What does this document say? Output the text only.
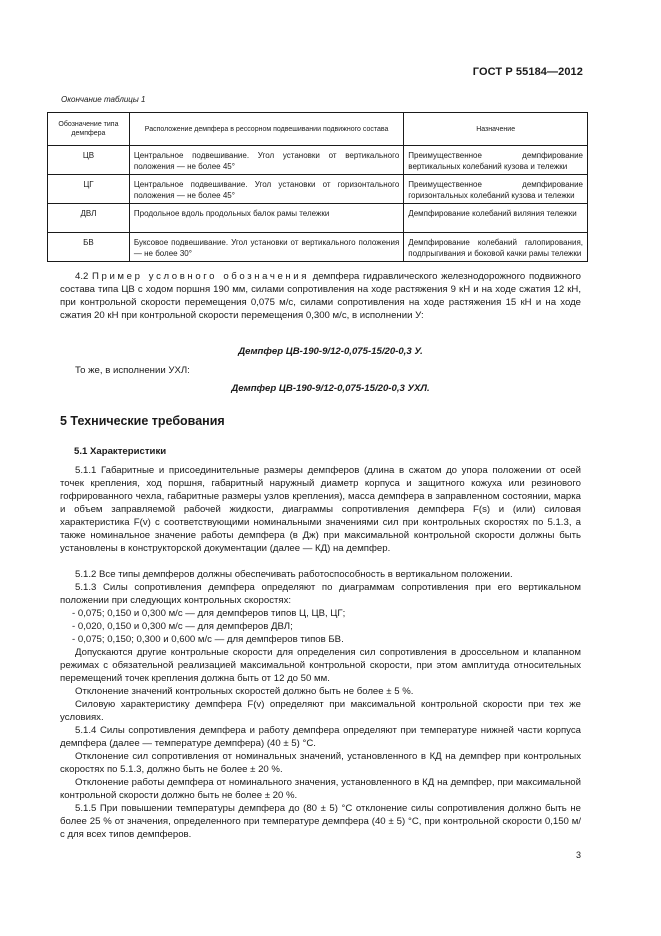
ГОСТ Р 55184—2012
Окончание таблицы 1
Обозначение типа демпфера	Расположение демпфера в рессорном подвешивании подвижного состава	Назначение
ЦВ	Центральное подвешивание. Угол установки от вертикального положения — не более 45°	Преимущественное демпфирование вертикальных колебаний кузова и тележки
ЦГ	Центральное подвешивание. Угол установки от горизонтального положения — не более 45°	Преимущественное демпфирование горизонтальных колебаний кузова и тележки
ДВЛ	Продольное вдоль продольных балок рамы тележки	Демпфирование колебаний виляния тележки
БВ	Буксовое подвешивание. Угол установки от вертикального положения — не более 30°	Демпфирование колебаний галопирования, подпрыгивания и боковой качки рамы тележки

4.2 Пример условного обозначения демпфера гидравлического железнодорожного подвижного состава типа ЦВ с ходом поршня 190 мм, силами сопротивления на ходе растяжения 9 кН и на ходе сжатия 12 кН, при контрольной скорости перемещения 0,075 м/с, силами сопротивления на ходе растяжения 15 кН и на ходе сжатия 20 кН при контрольной скорости перемещения 0,300 м/с, в исполнении У:

Демпфер ЦВ-190-9/12-0,075-15/20-0,3 У.

То же, в исполнении УХЛ:

Демпфер ЦВ-190-9/12-0,075-15/20-0,3 УХЛ.
5 Технические требования
5.1 Характеристики

5.1.1 Габаритные и присоединительные размеры демпферов (длина в сжатом до упора положении от осей точек крепления, ход поршня, габаритный наружный диаметр корпуса и защитного кожуха или резинового гофрированного чехла, габаритные размеры узлов крепления), масса демпфера в заправленном состоянии, марка и объем заправляемой рабочей жидкости, диаграммы сопротивления демпфера F(s) и (или) силовая характеристика F(v) с соответствующими номинальными значениями сил при контрольных скоростях по 5.1.3, а также номинальное значение работы демпфера (в Дж) при максимальной контрольной скорости должны быть установлены в конструкторской документации (далее — КД) на демпфер.

5.1.2 Все типы демпферов должны обеспечивать работоспособность в вертикальном положении.

5.1.3 Силы сопротивления демпфера определяют по диаграммам сопротивления при его вертикальном положении при следующих контрольных скоростях:

- 0,075; 0,150 и 0,300 м/с — для демпферов типов Ц, ЦВ, ЦГ;
- 0,020, 0,150 и 0,300 м/с — для демпферов ДВЛ;
- 0,075; 0,150; 0,300 и 0,600 м/с — для демпферов типов БВ.

Допускаются другие контрольные скорости для определения сил сопротивления в дроссельном и клапанном режимах с обязательной реализацией максимальной контрольной скорости, при этом амплитуда относительных перемещений точек крепления должна быть от 12 до 50 мм.

Отклонение значений контрольных скоростей должно быть не более ± 5 %.

Силовую характеристику демпфера F(v) определяют при максимальной контрольной скорости при тех же условиях.

5.1.4 Силы сопротивления демпфера и работу демпфера определяют при температуре нижней части корпуса демпфера (далее — температуре демпфера) (40 ± 5) °С.

Отклонение сил сопротивления от номинальных значений, установленного в КД на демпфер при контрольных скоростях по 5.1.3, должно быть не более ± 20 %.

Отклонение работы демпфера от номинального значения, установленного в КД на демпфер, при максимальной контрольной скорости должно быть не более ± 20 %.

5.1.5 При повышении температуры демпфера до (80 ± 5) °С отклонение силы сопротивления должно быть не более 25 % от значения, определенного при температуре демпфера (40 ± 5) °С, при контрольной скорости 0,150 м/с для всех типов демпферов.

3
